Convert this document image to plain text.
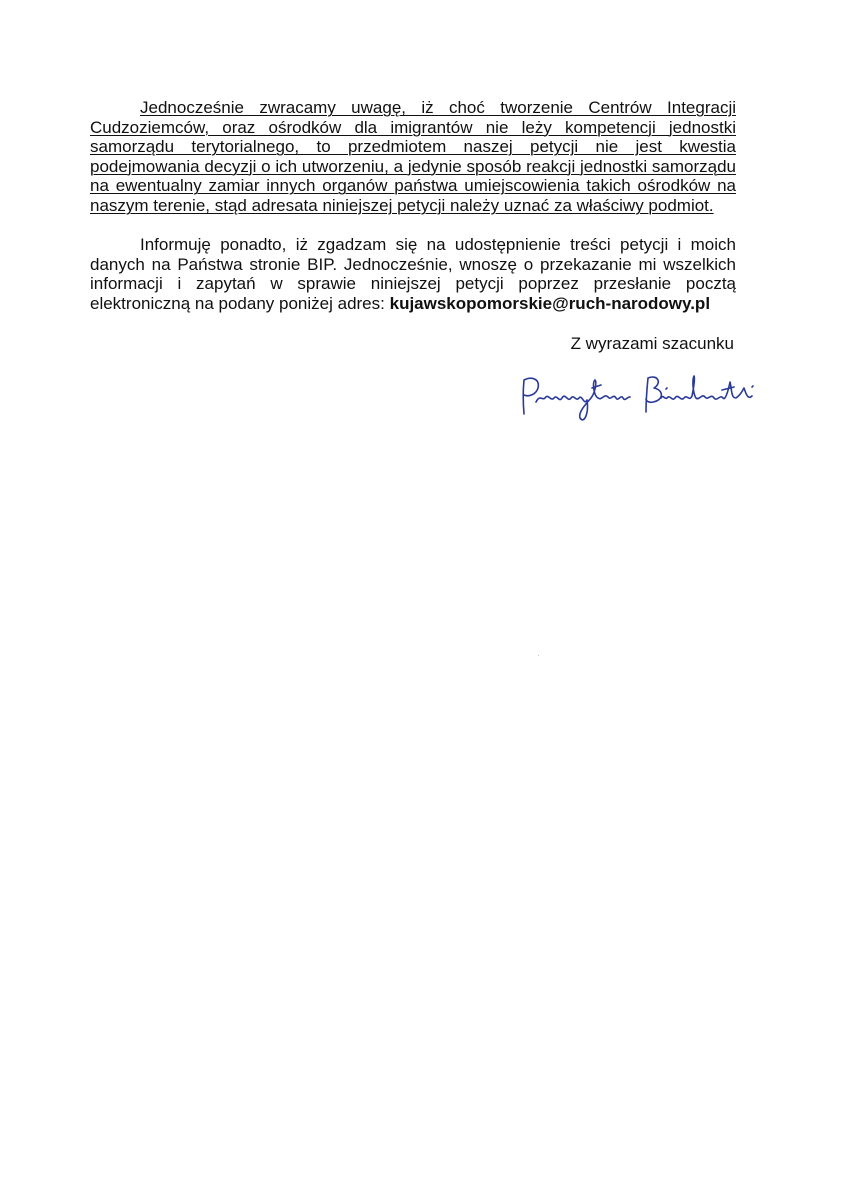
Jednocześnie zwracamy uwagę, iż choć tworzenie Centrów Integracji Cudzoziemców, oraz ośrodków dla imigrantów nie leży kompetencji jednostki samorządu terytorialnego, to przedmiotem naszej petycji nie jest kwestia podejmowania decyzji o ich utworzeniu, a jedynie sposób reakcji jednostki samorządu na ewentualny zamiar innych organów państwa umiejscowienia takich ośrodków na naszym terenie, stąd adresata niniejszej petycji należy uznać za właściwy podmiot.

Informuję ponadto, iż zgadzam się na udostępnienie treści petycji i moich danych na Państwa stronie BIP. Jednocześnie, wnoszę o przekazanie mi wszelkich informacji i zapytań w sprawie niniejszej petycji poprzez przesłanie pocztą elektroniczną na podany poniżej adres: kujawskopomorskie@ruch-narodowy.pl

Z wyrazami szacunku
